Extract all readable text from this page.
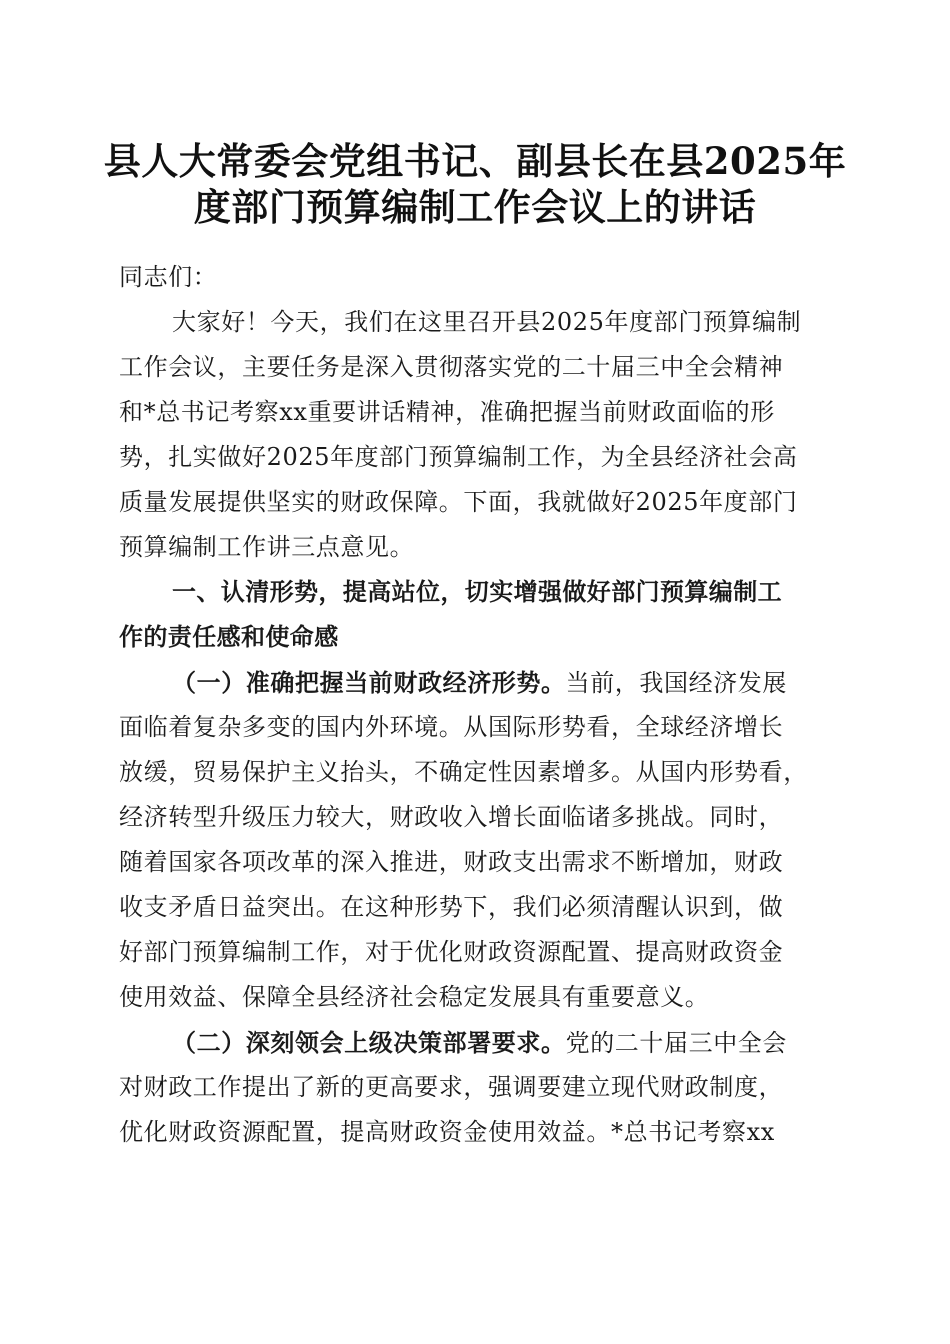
县人大常委会党组书记、副县长在县2025年
度部门预算编制工作会议上的讲话
同志们：
大家好！今天，我们在这里召开县2025年度部门预算编制
工作会议，主要任务是深入贯彻落实党的二十届三中全会精神
和*总书记考察xx重要讲话精神，准确把握当前财政面临的形
势，扎实做好2025年度部门预算编制工作，为全县经济社会高
质量发展提供坚实的财政保障。下面，我就做好2025年度部门
预算编制工作讲三点意见。
一、认清形势，提高站位，切实增强做好部门预算编制工
作的责任感和使命感
（一）准确把握当前财政经济形势。当前，我国经济发展
面临着复杂多变的国内外环境。从国际形势看，全球经济增长
放缓，贸易保护主义抬头，不确定性因素增多。从国内形势看，
经济转型升级压力较大，财政收入增长面临诸多挑战。同时，
随着国家各项改革的深入推进，财政支出需求不断增加，财政
收支矛盾日益突出。在这种形势下，我们必须清醒认识到，做
好部门预算编制工作，对于优化财政资源配置、提高财政资金
使用效益、保障全县经济社会稳定发展具有重要意义。
（二）深刻领会上级决策部署要求。党的二十届三中全会
对财政工作提出了新的更高要求，强调要建立现代财政制度，
优化财政资源配置，提高财政资金使用效益。*总书记考察xx
